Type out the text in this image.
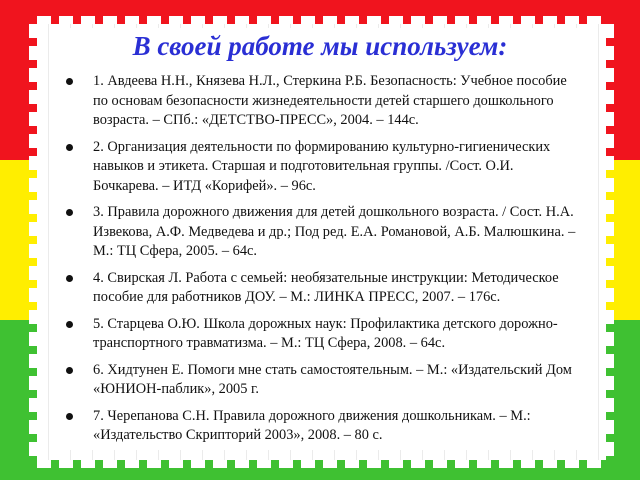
В своей работе мы используем:
1. Авдеева Н.Н., Князева Н.Л., Стеркина Р.Б. Безопасность: Учебное пособие по основам безопасности жизнедеятельности детей старшего дошкольного возраста. – СПб.: «ДЕТСТВО-ПРЕСС», 2004. – 144с.
2. Организация деятельности по формированию культурно-гигиенических навыков и этикета. Старшая и подготовительная группы. /Сост. О.И. Бочкарева. – ИТД «Корифей». – 96с.
3. Правила дорожного движения для детей дошкольного возраста. / Сост. Н.А. Извекова, А.Ф. Медведева и др.; Под ред. Е.А. Романовой, А.Б. Малюшкина. – М.: ТЦ Сфера, 2005. – 64с.
4. Свирская Л. Работа с семьей: необязательные инструкции: Методическое пособие для работников ДОУ. – М.: ЛИНКА ПРЕСС, 2007. – 176с.
5. Старцева О.Ю. Школа дорожных наук: Профилактика детского дорожно-транспортного травматизма. – М.: ТЦ Сфера, 2008. – 64с.
6. Хидтунен Е. Помоги мне стать самостоятельным. – М.: «Издательский Дом «ЮНИОН-паблик», 2005 г.
7. Черепанова С.Н. Правила дорожного движения дошкольникам. – М.: «Издательство Скрипторий 2003», 2008. – 80 с.
